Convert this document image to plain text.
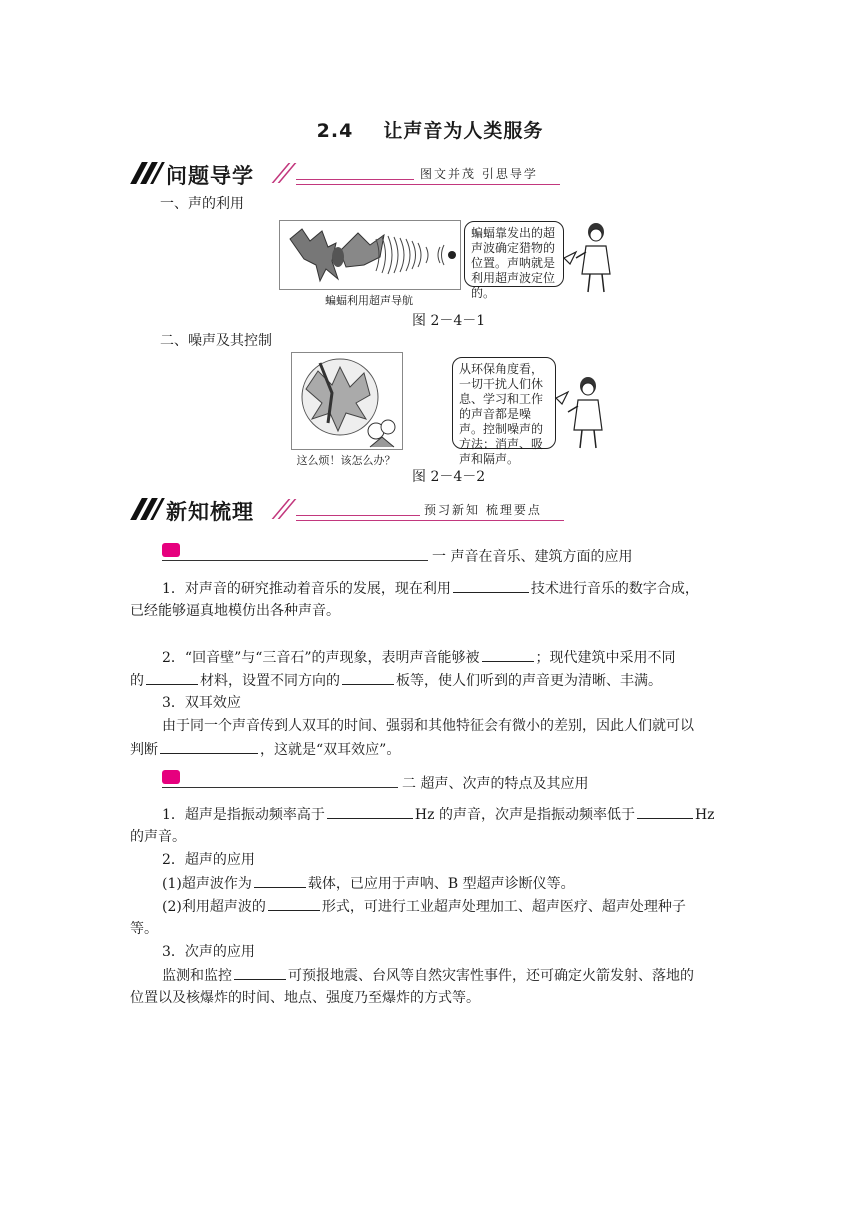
2.4 让声音为人类服务
问题导学	图文并茂 引思导学
一、声的利用
蝙蝠利用超声导航
蝙蝠靠发出的超声波确定猎物的位置。声呐就是利用超声波定位的。
图 2－4－1
二、噪声及其控制
这么烦！该怎么办？
从环保角度看，一切干扰人们休息、学习和工作的声音都是噪声。控制噪声的方法：消声、吸声和隔声。
图 2－4－2
新知梳理	预习新知 梳理要点
一 声音在音乐、建筑方面的应用
1．对声音的研究推动着音乐的发展，现在利用	技术进行音乐的数字合成，
已经能够逼真地模仿出各种声音。
2．“回音壁”与“三音石”的声现象，表明声音能够被	；现代建筑中采用不同
的	材料，设置不同方向的	板等，使人们听到的声音更为清晰、丰满。
3．双耳效应
由于同一个声音传到人双耳的时间、强弱和其他特征会有微小的差别，因此人们就可以
判断	，这就是“双耳效应”。
二 超声、次声的特点及其应用
1．超声是指振动频率高于	Hz 的声音，次声是指振动频率低于	Hz
的声音。
2．超声的应用
(1)超声波作为	载体，已应用于声呐、B 型超声诊断仪等。
(2)利用超声波的	形式，可进行工业超声处理加工、超声医疗、超声处理种子
等。
3．次声的应用
监测和监控	可预报地震、台风等自然灾害性事件，还可确定火箭发射、落地的
位置以及核爆炸的时间、地点、强度乃至爆炸的方式等。
